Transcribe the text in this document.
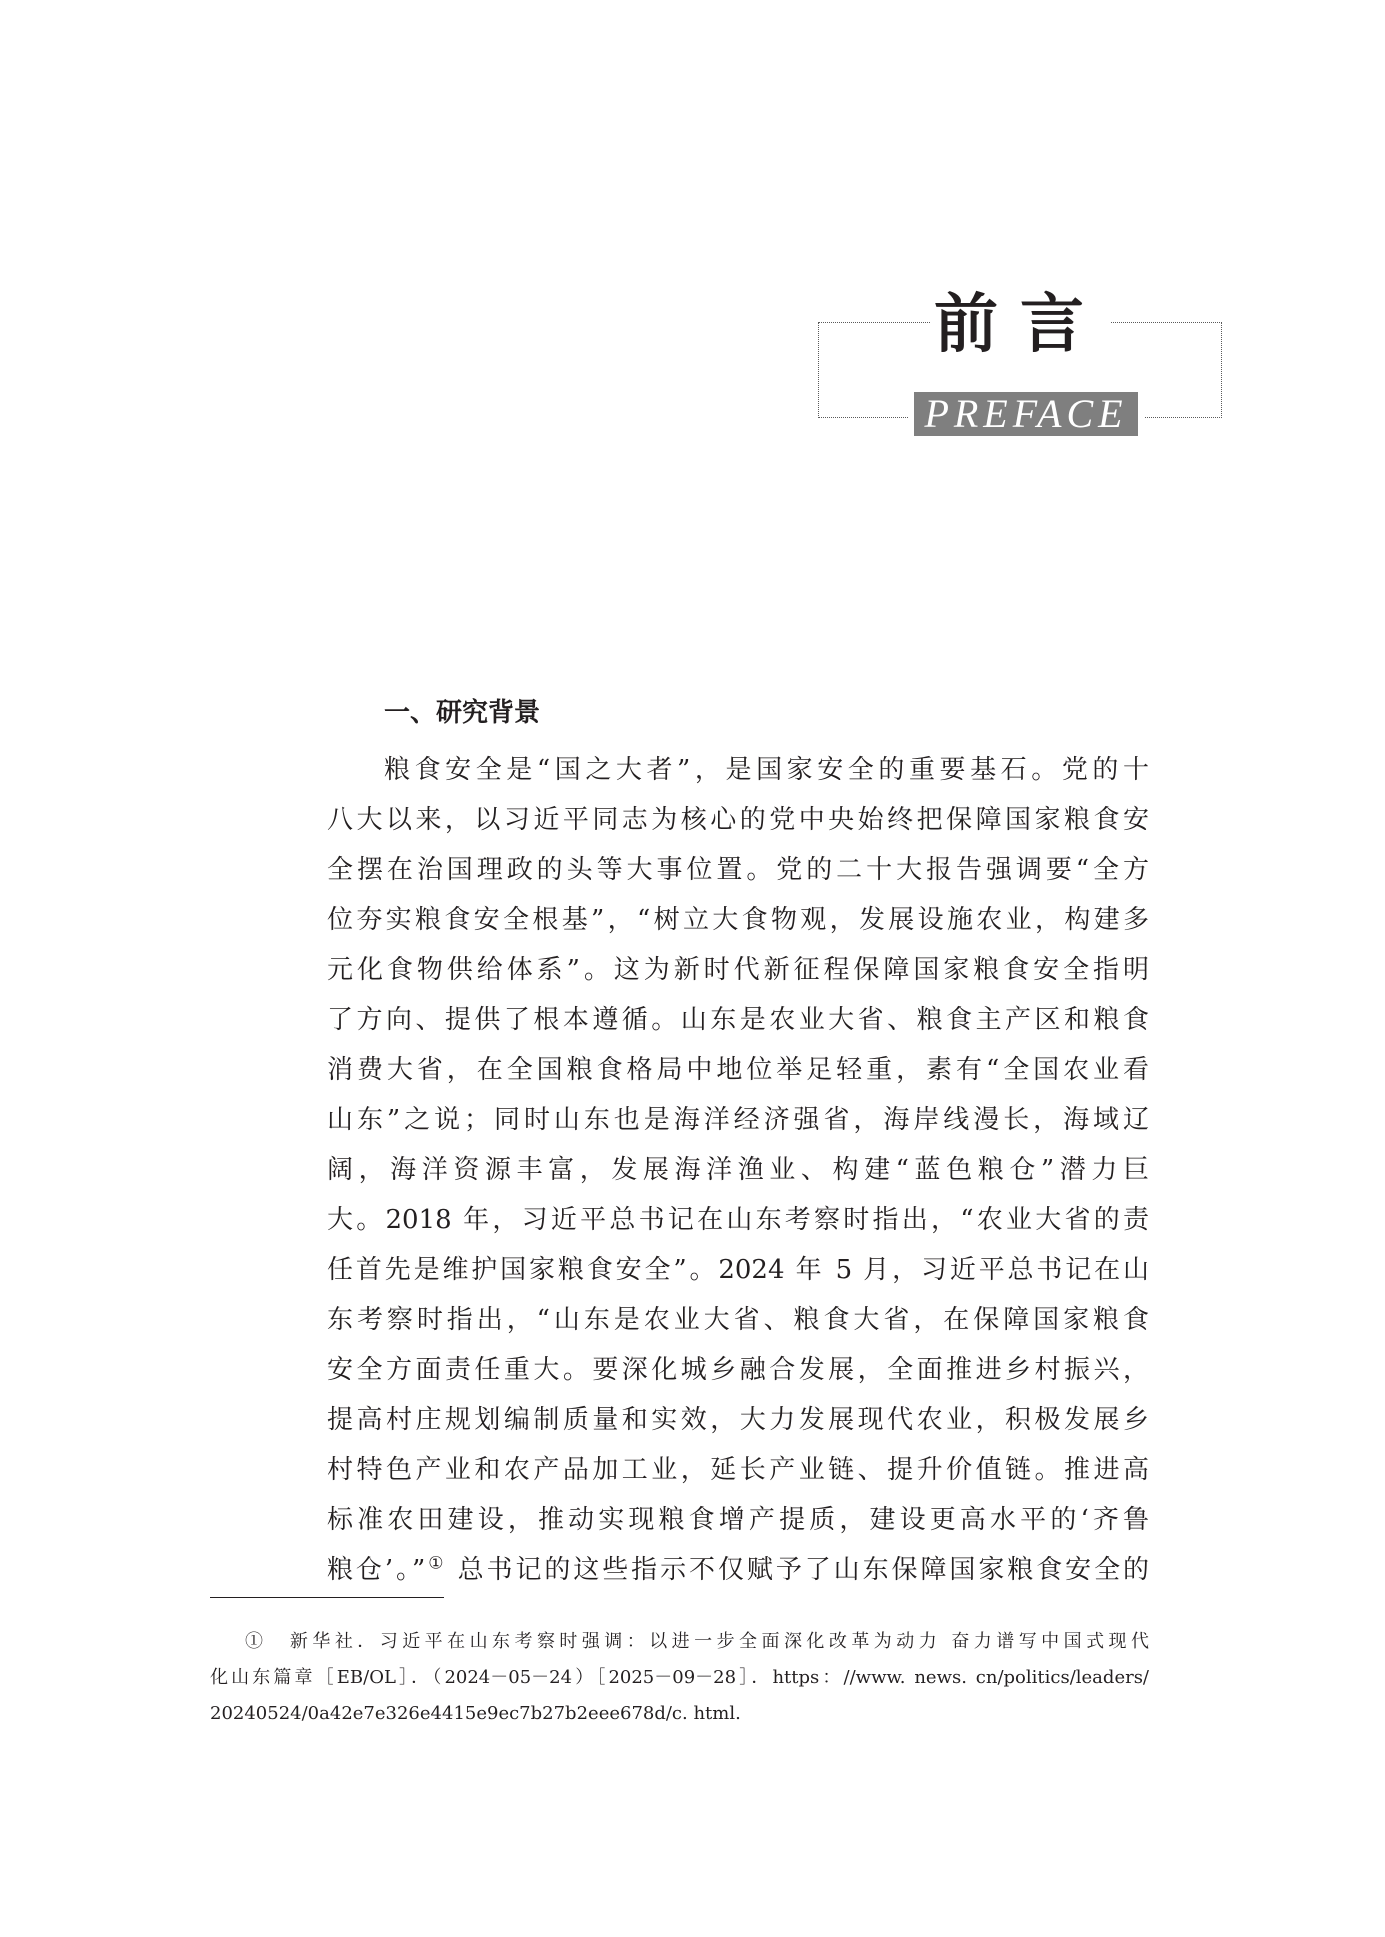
前言
PREFACE
一、研究背景
粮食安全是“国之大者”，是国家安全的重要基石。党的十
八大以来，以习近平同志为核心的党中央始终把保障国家粮食安
全摆在治国理政的头等大事位置。党的二十大报告强调要“全方
位夯实粮食安全根基”，“树立大食物观，发展设施农业，构建多
元化食物供给体系”。这为新时代新征程保障国家粮食安全指明
了方向、提供了根本遵循。山东是农业大省、粮食主产区和粮食
消费大省，在全国粮食格局中地位举足轻重，素有“全国农业看
山东”之说；同时山东也是海洋经济强省，海岸线漫长，海域辽
阔，海洋资源丰富，发展海洋渔业、构建“蓝色粮仓”潜力巨
大。2018 年，习近平总书记在山东考察时指出，“农业大省的责
任首先是维护国家粮食安全”。2024 年 5 月，习近平总书记在山
东考察时指出，“山东是农业大省、粮食大省，在保障国家粮食
安全方面责任重大。要深化城乡融合发展，全面推进乡村振兴，
提高村庄规划编制质量和实效，大力发展现代农业，积极发展乡
村特色产业和农产品加工业，延长产业链、提升价值链。推进高
标准农田建设，推动实现粮食增产提质，建设更高水平的‘齐鲁
粮仓’。”① 总书记的这些指示不仅赋予了山东保障国家粮食安全的
①　新华社．习近平在山东考察时强调：以进一步全面深化改革为动力 奋力谱写中国式现代
化山东篇章［EB/OL］．（2024－05－24）［2025－09－28］．https：//www. news. cn/politics/leaders/
20240524/0a42e7e326e4415e9ec7b27b2eee678d/c. html.
